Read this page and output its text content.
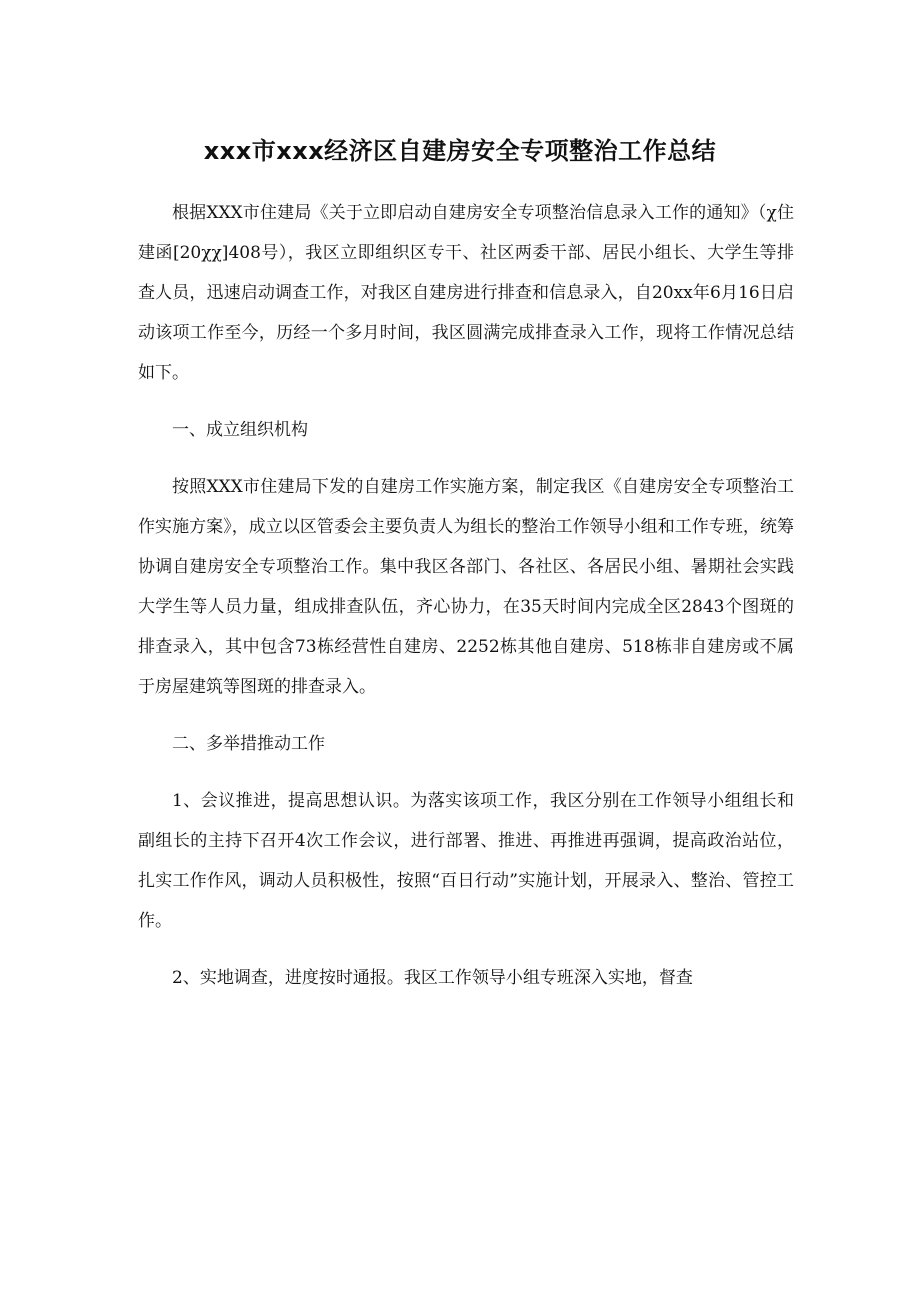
xxx市xxx经济区自建房安全专项整治工作总结

根据XXX市住建局《关于立即启动自建房安全专项整治信息录入工作的通知》（χ住建函[20χχ]408号），我区立即组织区专干、社区两委干部、居民小组长、大学生等排查人员，迅速启动调查工作，对我区自建房进行排查和信息录入，自20xx年6月16日启动该项工作至今，历经一个多月时间，我区圆满完成排查录入工作，现将工作情况总结如下。

一、成立组织机构

按照XXX市住建局下发的自建房工作实施方案，制定我区《自建房安全专项整治工作实施方案》，成立以区管委会主要负责人为组长的整治工作领导小组和工作专班，统筹协调自建房安全专项整治工作。集中我区各部门、各社区、各居民小组、暑期社会实践大学生等人员力量，组成排查队伍，齐心协力，在35天时间内完成全区2843个图斑的排查录入，其中包含73栋经营性自建房、2252栋其他自建房、518栋非自建房或不属于房屋建筑等图斑的排查录入。

二、多举措推动工作

1、会议推进，提高思想认识。为落实该项工作，我区分别在工作领导小组组长和副组长的主持下召开4次工作会议，进行部署、推进、再推进再强调，提高政治站位，扎实工作作风，调动人员积极性，按照“百日行动”实施计划，开展录入、整治、管控工作。

2、实地调查，进度按时通报。我区工作领导小组专班深入实地，督查
